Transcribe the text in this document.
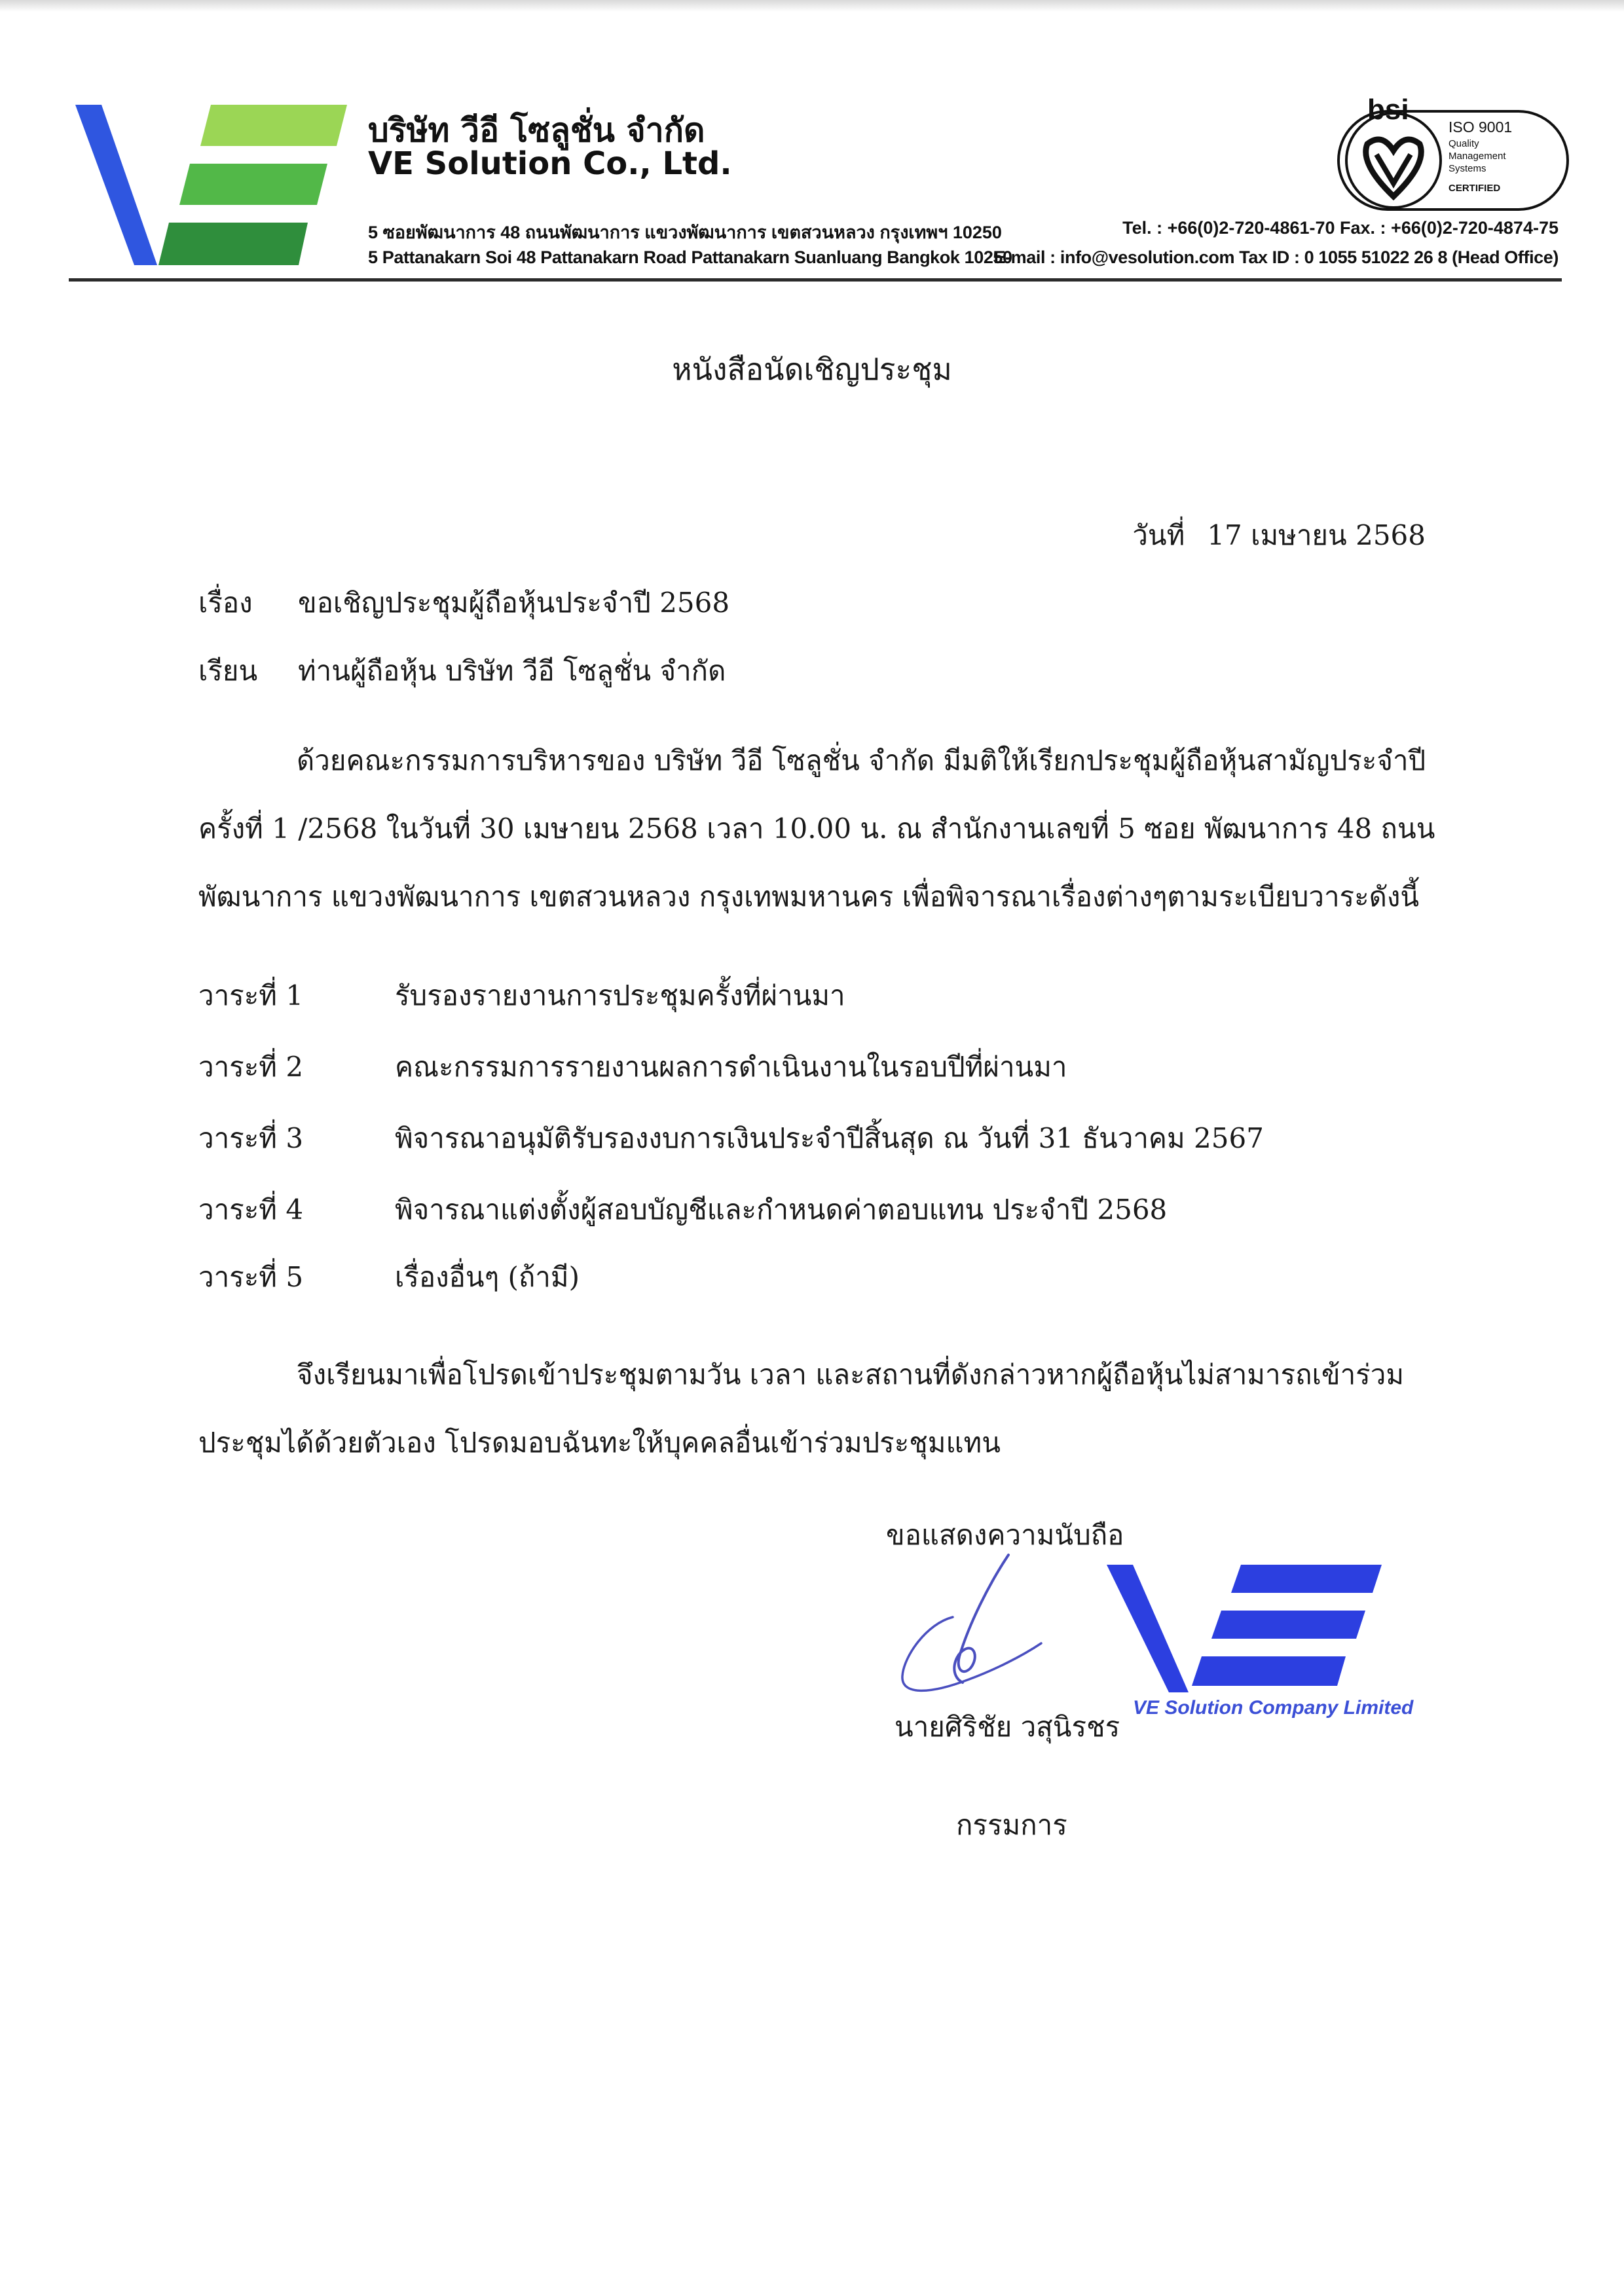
บริษัท วีอี โซลูชั่น จำกัด
VE Solution Co., Ltd.
5 ซอยพัฒนาการ 48 ถนนพัฒนาการ แขวงพัฒนาการ เขตสวนหลวง กรุงเทพฯ 10250
5 Pattanakarn Soi 48 Pattanakarn Road Pattanakarn Suanluang Bangkok 10250
Tel. : +66(0)2-720-4861-70 Fax. : +66(0)2-720-4874-75
E-mail : info@vesolution.com Tax ID : 0 1055 51022 26 8 (Head Office)
bsi
ISO 9001
Quality
Management
Systems
CERTIFIED
หนังสือนัดเชิญประชุม
วันที่ 17 เมษายน 2568
เรื่อง ขอเชิญประชุมผู้ถือหุ้นประจำปี 2568
เรียน ท่านผู้ถือหุ้น บริษัท วีอี โซลูชั่น จำกัด
ด้วยคณะกรรมการบริหารของ บริษัท วีอี โซลูชั่น จำกัด มีมติให้เรียกประชุมผู้ถือหุ้นสามัญประจำปี
ครั้งที่ 1 /2568 ในวันที่ 30 เมษายน 2568 เวลา 10.00 น. ณ สำนักงานเลขที่ 5 ซอย พัฒนาการ 48 ถนน
พัฒนาการ แขวงพัฒนาการ เขตสวนหลวง กรุงเทพมหานคร เพื่อพิจารณาเรื่องต่างๆตามระเบียบวาระดังนี้
วาระที่ 1	รับรองรายงานการประชุมครั้งที่ผ่านมา
วาระที่ 2	คณะกรรมการรายงานผลการดำเนินงานในรอบปีที่ผ่านมา
วาระที่ 3	พิจารณาอนุมัติรับรองงบการเงินประจำปีสิ้นสุด ณ วันที่ 31 ธันวาคม 2567
วาระที่ 4	พิจารณาแต่งตั้งผู้สอบบัญชีและกำหนดค่าตอบแทน ประจำปี 2568
วาระที่ 5	เรื่องอื่นๆ (ถ้ามี)
จึงเรียนมาเพื่อโปรดเข้าประชุมตามวัน เวลา และสถานที่ดังกล่าวหากผู้ถือหุ้นไม่สามารถเข้าร่วม
ประชุมได้ด้วยตัวเอง โปรดมอบฉันทะให้บุคคลอื่นเข้าร่วมประชุมแทน
ขอแสดงความนับถือ
VE Solution Company Limited
นายศิริชัย วสุนิรชร
กรรมการ
